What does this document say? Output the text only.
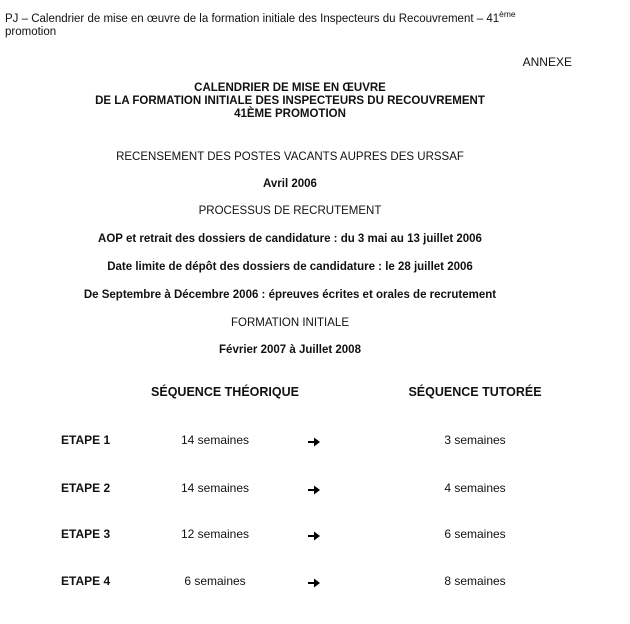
PJ – Calendrier de mise en œuvre de la formation initiale des Inspecteurs du Recouvrement – 41ème
promotion
ANNEXE
CALENDRIER DE MISE EN ŒUVRE
DE LA FORMATION INITIALE DES INSPECTEURS DU RECOUVREMENT
41ÈME PROMOTION
RECENSEMENT DES POSTES VACANTS AUPRES DES URSSAF
Avril 2006
PROCESSUS DE RECRUTEMENT
AOP et retrait des dossiers de candidature : du 3 mai au 13 juillet 2006
Date limite de dépôt des dossiers de candidature : le 28 juillet 2006
De Septembre à Décembre 2006 : épreuves écrites et orales de recrutement
FORMATION INITIALE
Février 2007 à Juillet 2008
SÉQUENCE THÉORIQUE	SÉQUENCE TUTORÉE
ETAPE 1	14 semaines	3 semaines
ETAPE 2	14 semaines	4 semaines
ETAPE 3	12 semaines	6 semaines
ETAPE 4	6 semaines	8 semaines
